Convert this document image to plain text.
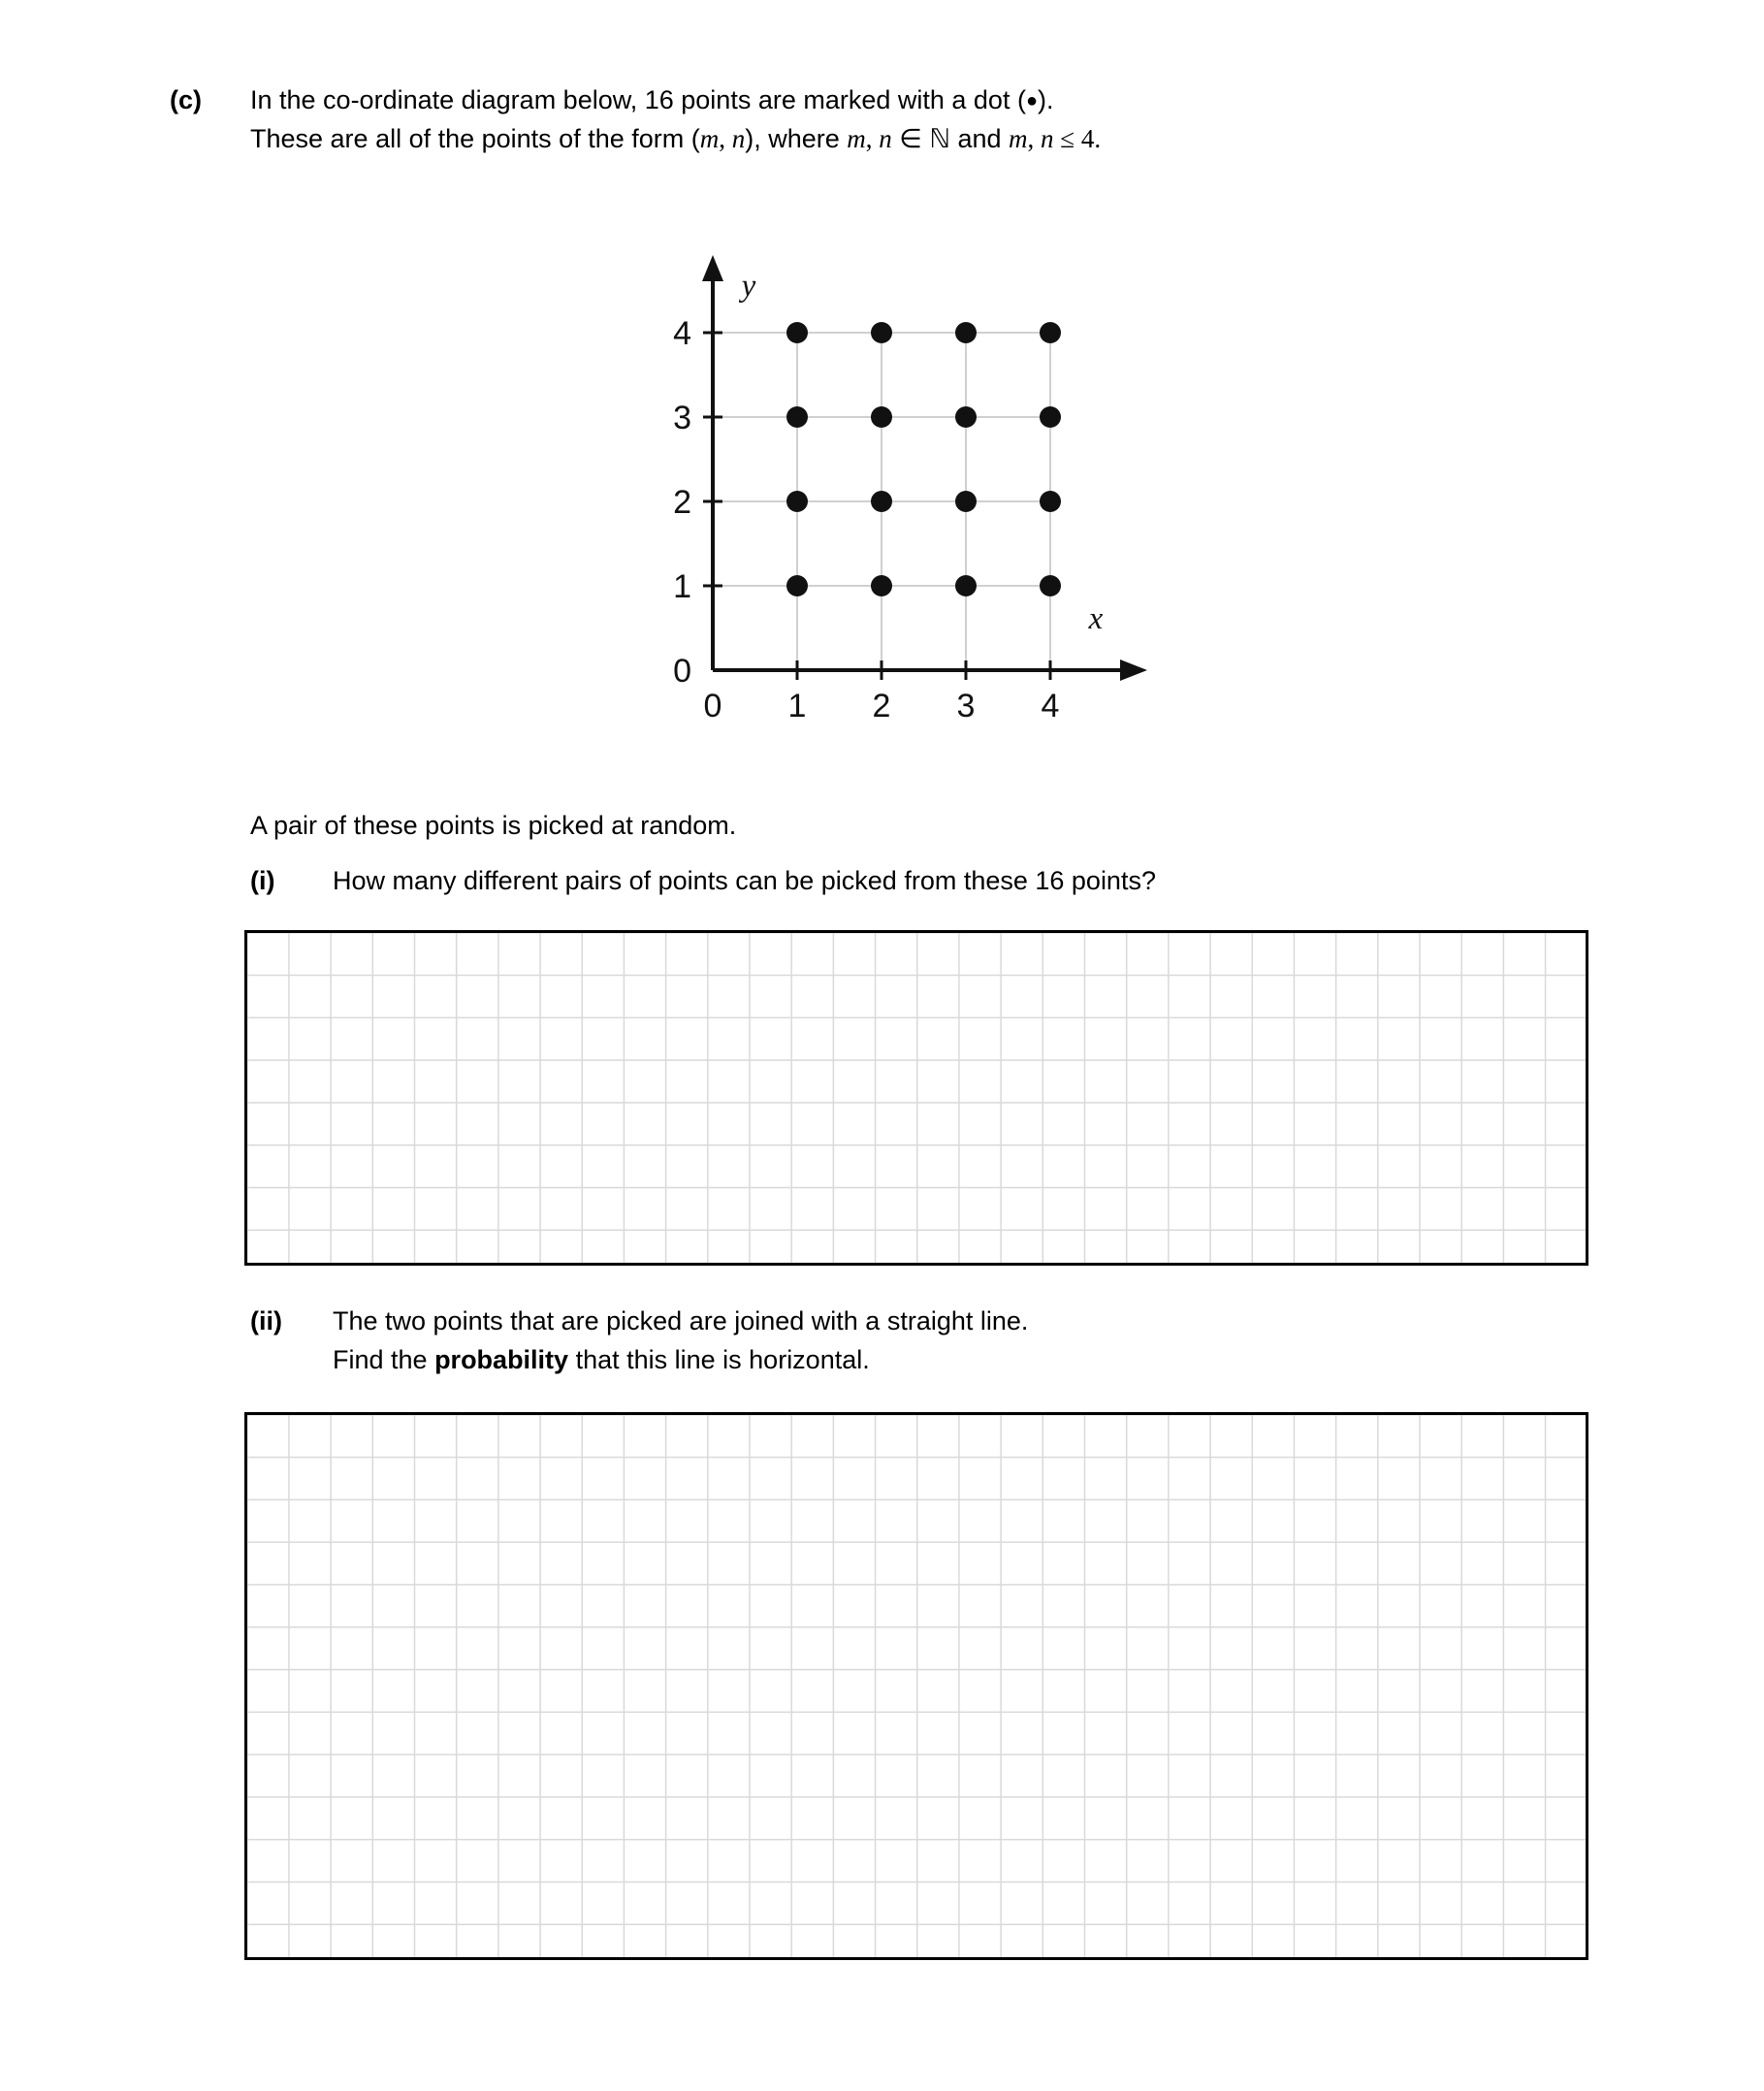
(c) In the co-ordinate diagram below, 16 points are marked with a dot (●).
These are all of the points of the form (m, n), where m, n ∈ ℕ and m, n ≤ 4.
0 1 2 3 4
0
1
2
3
4
x
y
A pair of these points is picked at random.
(i) How many different pairs of points can be picked from these 16 points?
(ii) The two points that are picked are joined with a straight line.
Find the probability that this line is horizontal.
